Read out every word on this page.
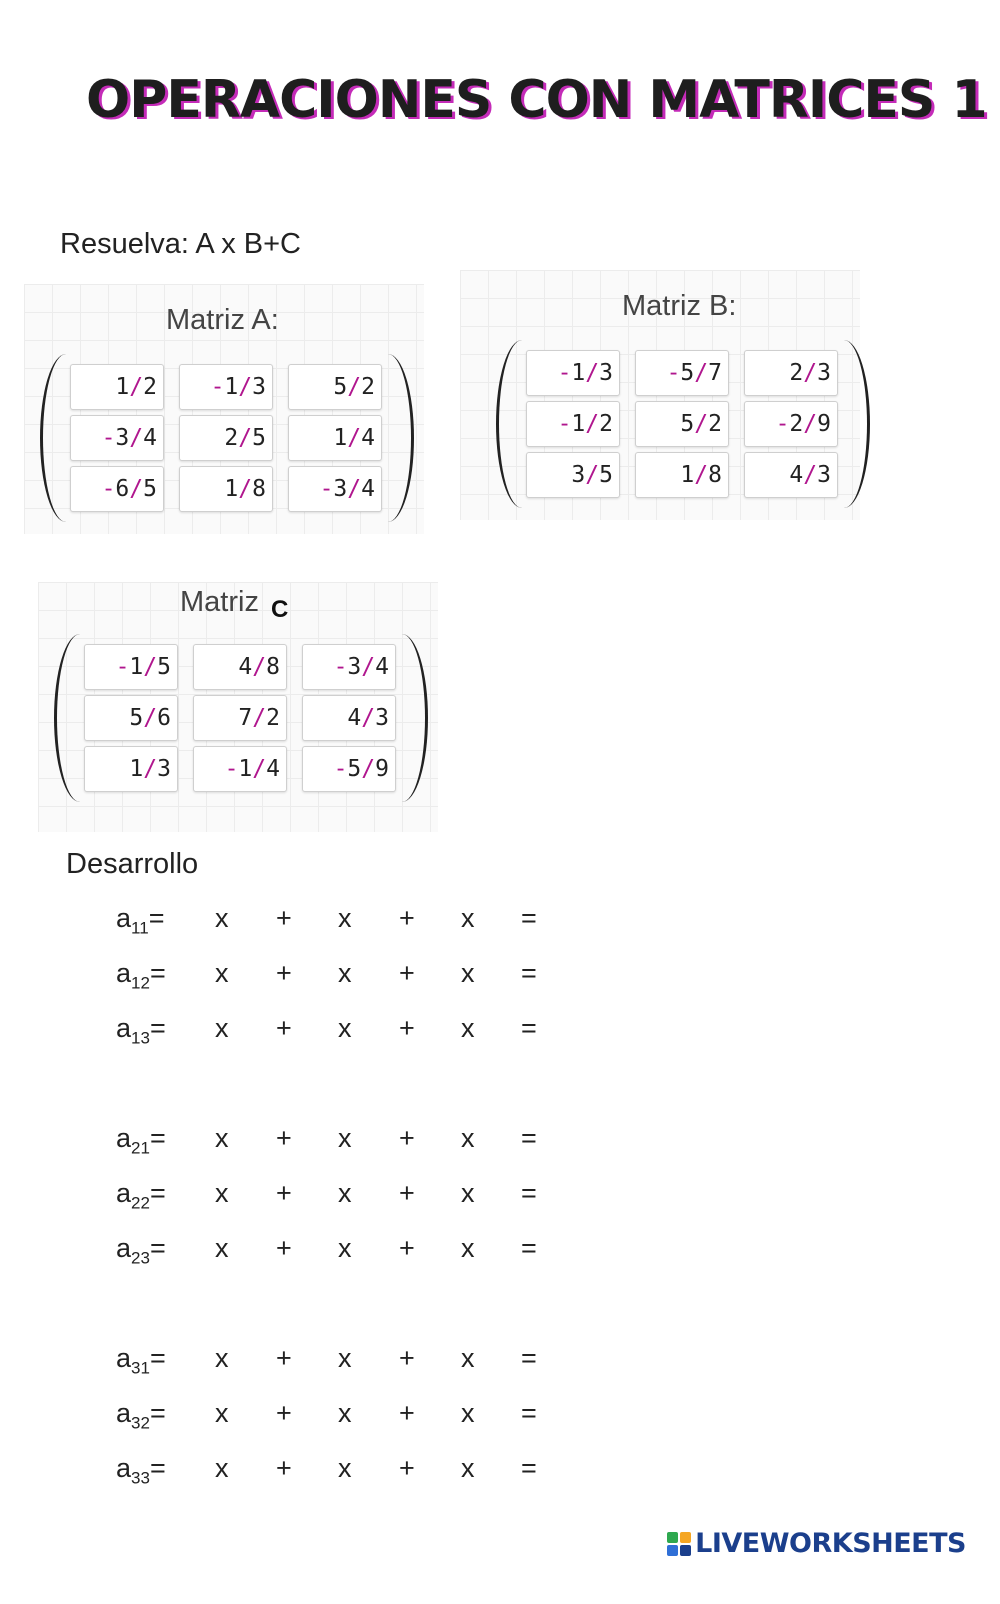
OPERACIONES CON MATRICES 1
Resuelva: A x B+C
Matriz A:
1 / 2	- 1 / 3	5 / 2
- 3 / 4	2 / 5	1 / 4
- 6 / 5	1 / 8	- 3 / 4
Matriz B:
- 1 / 3	- 5 / 7	2 / 3
- 1 / 2	5 / 2	- 2 / 9
3 / 5	1 / 8	4 / 3
Matriz $_C$
- 1 / 5	4 / 8	- 3 / 4
5 / 6	7 / 2	4 / 3
1 / 3	- 1 / 4	- 5 / 9
Desarrollo
$a_{11}= x + x + x$ =
$a_{12}= x + x + x$ =
$a_{13}= x + x + x$ =
$a_{21}= x + x + x$ =
$a_{22}= x + x + x$ =
$a_{23}= x + x + x$ =
$a_{31}= x + x + x$ =
$a_{32}= x + x + x$ =
$a_{33}= x + x + x$ =
LIVEWORKSHEETS
